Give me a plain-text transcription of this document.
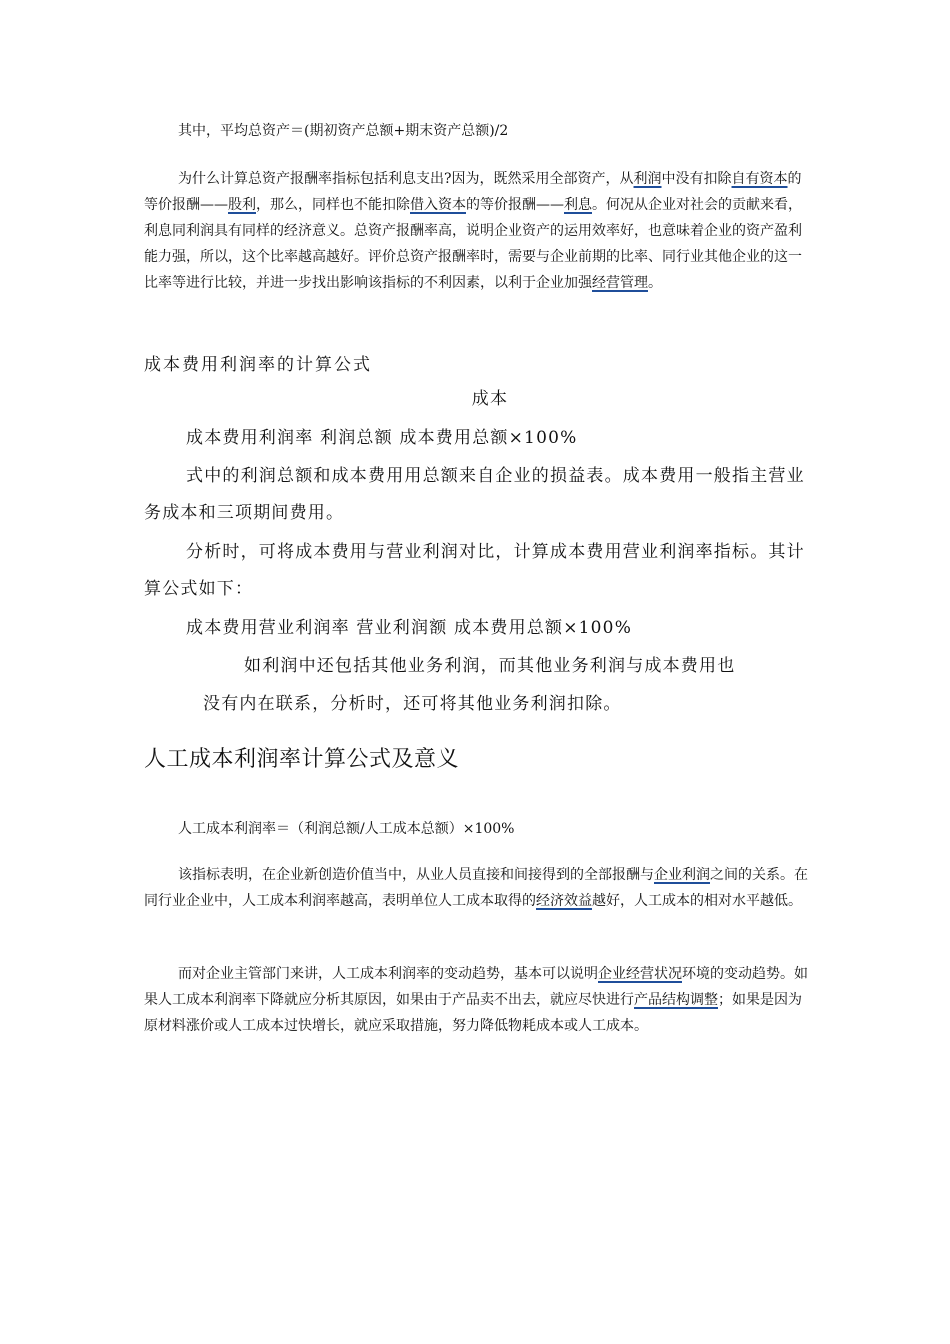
其中，平均总资产＝(期初资产总额+期末资产总额)/2

为什么计算总资产报酬率指标包括利息支出?因为，既然采用全部资产，从利润中没有扣除自有资本的等价报酬——股利，那么，同样也不能扣除借入资本的等价报酬——利息。何况从企业对社会的贡献来看，利息同利润具有同样的经济意义。总资产报酬率高，说明企业资产的运用效率好，也意味着企业的资产盈利能力强，所以，这个比率越高越好。评价总资产报酬率时，需要与企业前期的比率、同行业其他企业的这一比率等进行比较，并进一步找出影响该指标的不利因素，以利于企业加强经营管理。

成本费用利润率的计算公式

成本

成本费用利润率 利润总额 成本费用总额×100%

式中的利润总额和成本费用用总额来自企业的损益表。成本费用一般指主营业务成本和三项期间费用。

分析时，可将成本费用与营业利润对比，计算成本费用营业利润率指标。其计算公式如下：

成本费用营业利润率 营业利润额 成本费用总额×100%

如利润中还包括其他业务利润，而其他业务利润与成本费用也

没有内在联系，分析时，还可将其他业务利润扣除。

人工成本利润率计算公式及意义

人工成本利润率＝（利润总额/人工成本总额）×100%

该指标表明，在企业新创造价值当中，从业人员直接和间接得到的全部报酬与企业利润之间的关系。在同行业企业中，人工成本利润率越高，表明单位人工成本取得的经济效益越好，人工成本的相对水平越低。

而对企业主管部门来讲，人工成本利润率的变动趋势，基本可以说明企业经营状况环境的变动趋势。如果人工成本利润率下降就应分析其原因，如果由于产品卖不出去，就应尽快进行产品结构调整；如果是因为原材料涨价或人工成本过快增长，就应采取措施，努力降低物耗成本或人工成本。
